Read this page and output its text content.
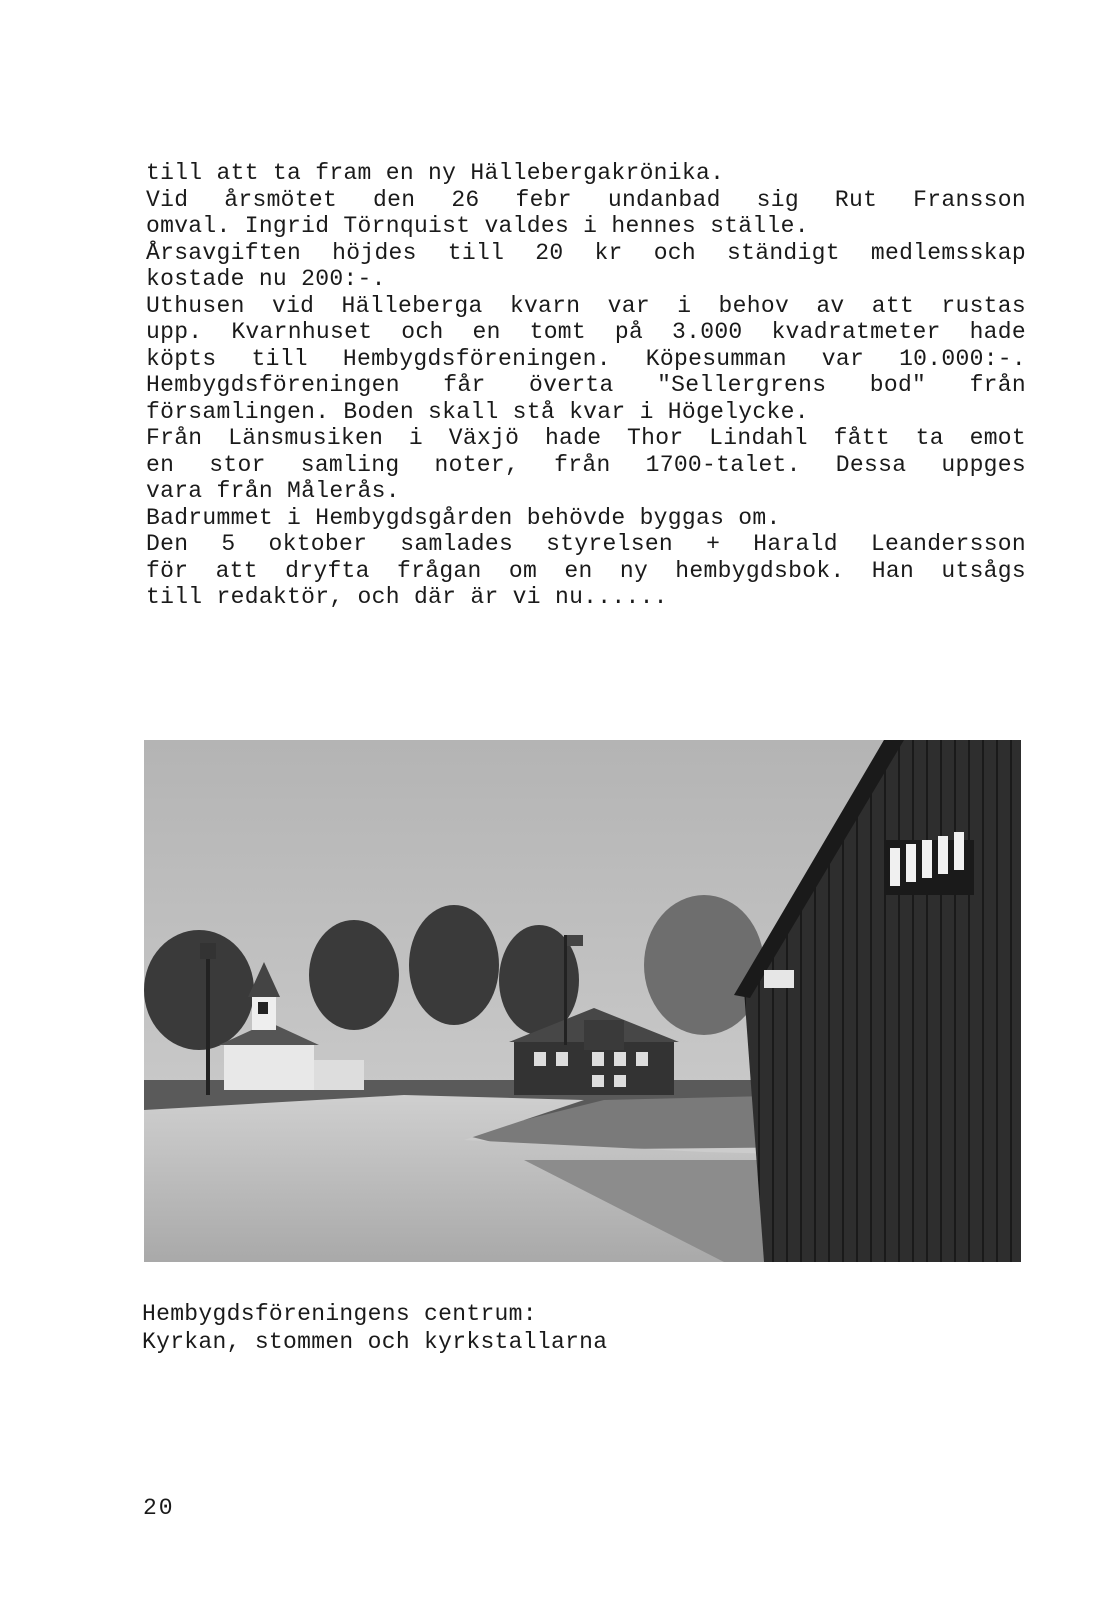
till att ta fram en ny Hällebergakrönika.
Vid årsmötet den 26 febr undanbad sig Rut Fransson
omval. Ingrid Törnquist valdes i hennes ställe.
Årsavgiften höjdes till 20 kr och ständigt medlemsskap
kostade nu 200:-.
Uthusen vid Hälleberga kvarn var i behov av att rustas
upp. Kvarnhuset och en tomt på 3.000 kvadratmeter hade
köpts till Hembygdsföreningen. Köpesumman var 10.000:-.
Hembygdsföreningen får överta "Sellergrens bod" från
församlingen. Boden skall stå kvar i Högelycke.
Från Länsmusiken i Växjö hade Thor Lindahl fått ta emot
en stor samling noter, från 1700-talet. Dessa uppges
vara från Målerås.
Badrummet i Hembygdsgården behövde byggas om.
Den 5 oktober samlades styrelsen + Harald Leandersson
för att dryfta frågan om en ny hembygdsbok. Han utsågs
till redaktör, och där är vi nu......
Hembygdsföreningens centrum:
Kyrkan, stommen och kyrkstallarna
20
